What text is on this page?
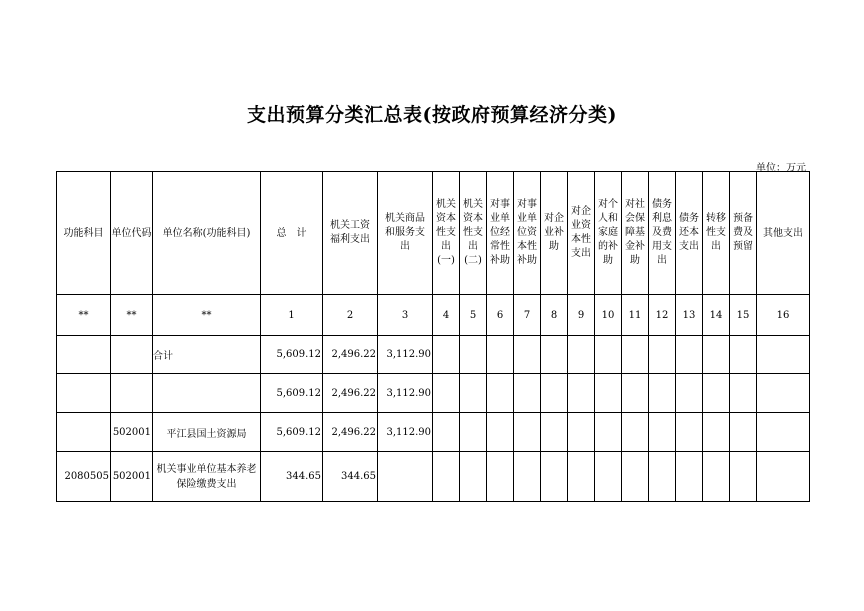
支出预算分类汇总表(按政府预算经济分类)
单位：万元
功能科目	单位代码	单位名称(功能科目)	总　计	机关工资福利支出	机关商品和服务支出	机关资本性支出(一)	机关资本性支出(二)	对事业单位经常性补助	对事业单位资本性补助	对企业补助	对企业资本性支出	对个人和家庭的补助	对社会保障基金补助	债务利息及费用支出	债务还本支出	转移性支出	预备费及预留	其他支出
**	**	**	1	2	3	4	5	6	7	8	9	10	11	12	13	14	15	16
		合计	5,609.12	2,496.22	3,112.90													
			5,609.12	2,496.22	3,112.90													
	502001	平江县国土资源局	5,609.12	2,496.22	3,112.90													
2080505	502001	机关事业单位基本养老保险缴费支出	344.65	344.65														
